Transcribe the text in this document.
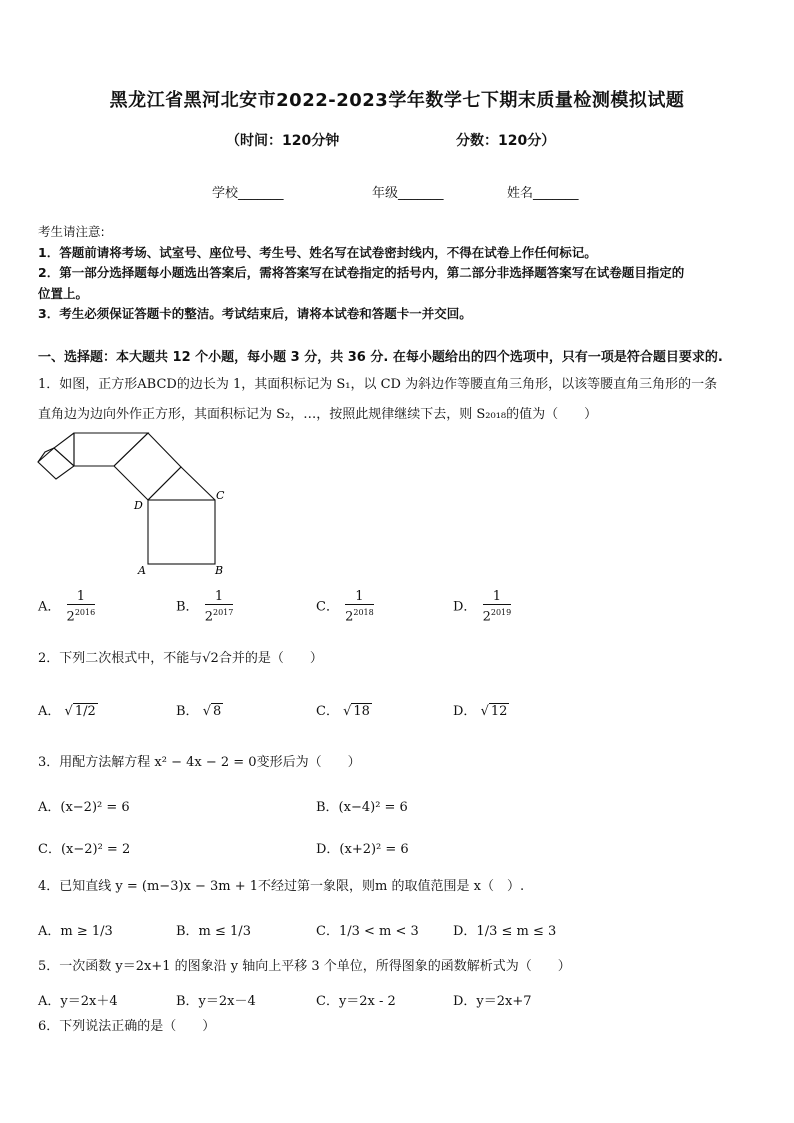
黑龙江省黑河北安市2022-2023学年数学七下期末质量检测模拟试题
（时间：120分钟	分数：120分）
学校_______	年级_______	姓名_______
考生请注意:
1．答题前请将考场、试室号、座位号、考生号、姓名写在试卷密封线内，不得在试卷上作任何标记。
2．第一部分选择题每小题选出答案后，需将答案写在试卷指定的括号内，第二部分非选择题答案写在试卷题目指定的
位置上。
3．考生必须保证答题卡的整洁。考试结束后，请将本试卷和答题卡一并交回。
一、选择题：本大题共 12 个小题，每小题 3 分，共 36 分. 在每小题给出的四个选项中，只有一项是符合题目要求的.
1．如图，正方形ABCD的边长为 1，其面积标记为 S₁，以 CD 为斜边作等腰直角三角形，以该等腰直角三角形的一条
直角边为边向外作正方形，其面积标记为 S₂，…，按照此规律继续下去，则 S₂₀₁₈的值为（　　）
A	B
C
D
A． $\frac{1}{2^{2016}}$	B． $\frac{1}{2^{2017}}$	C． $\frac{1}{2^{2018}}$	D． $\frac{1}{2^{2019}}$
2．下列二次根式中，不能与√2合并的是（　　）
A． √ 1/2	B． √ 8	C． √ 18	D． √ 12
3．用配方法解方程 x² − 4x − 2 = 0变形后为（　　）
A．(x−2)² = 6	B．(x−4)² = 6
C．(x−2)² = 2	D．(x+2)² = 6
4．已知直线 y = (m−3)x − 3m + 1不经过第一象限，则m 的取值范围是 x（　）.
A．m ≥ 1/3	B．m ≤ 1/3	C．1/3 < m < 3	D．1/3 ≤ m ≤ 3
5．一次函数 y＝2x+1 的图象沿 y 轴向上平移 3 个单位，所得图象的函数解析式为（　　）
A．y＝2x＋4	B．y＝2x－4	C．y＝2x - 2	D．y＝2x+7
6．下列说法正确的是（　　）
